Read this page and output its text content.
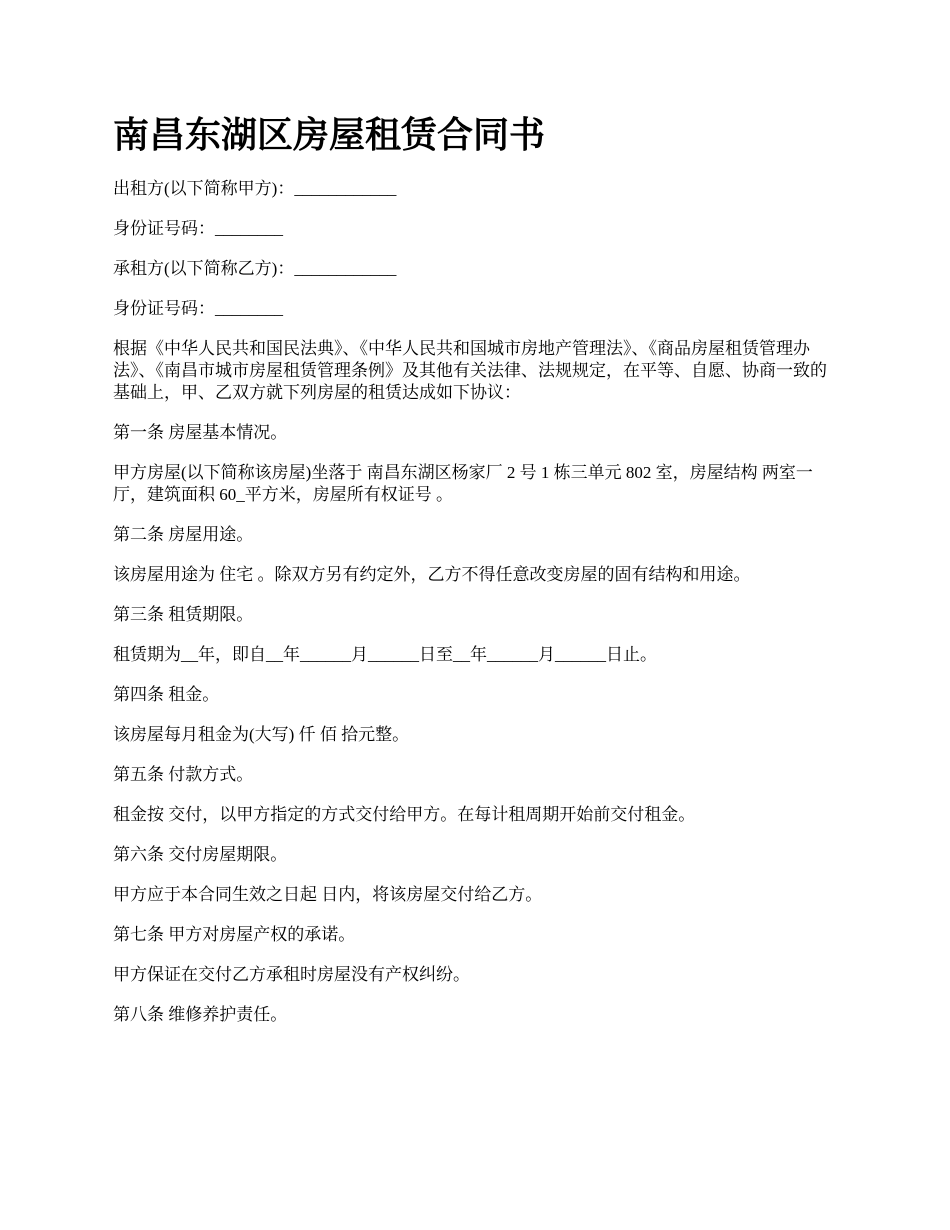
南昌东湖区房屋租赁合同书

出租方(以下简称甲方)：____________

身份证号码：________

承租方(以下简称乙方)：____________

身份证号码：________

根据《中华人民共和国民法典》、《中华人民共和国城市房地产管理法》、《商品房屋租赁管理办法》、《南昌市城市房屋租赁管理条例》及其他有关法律、法规规定，在平等、自愿、协商一致的基础上，甲、乙双方就下列房屋的租赁达成如下协议：

第一条 房屋基本情况。

甲方房屋(以下简称该房屋)坐落于 南昌东湖区杨家厂 2 号 1 栋三单元 802 室，房屋结构 两室一厅，建筑面积 60_平方米，房屋所有权证号 。

第二条 房屋用途。

该房屋用途为 住宅 。除双方另有约定外，乙方不得任意改变房屋的固有结构和用途。

第三条 租赁期限。

租赁期为__年，即自__年______月______日至__年______月______日止。

第四条 租金。

该房屋每月租金为(大写) 仟 佰 拾元整。

第五条 付款方式。

租金按 交付，以甲方指定的方式交付给甲方。在每计租周期开始前交付租金。

第六条 交付房屋期限。

甲方应于本合同生效之日起 日内，将该房屋交付给乙方。

第七条 甲方对房屋产权的承诺。

甲方保证在交付乙方承租时房屋没有产权纠纷。

第八条 维修养护责任。
